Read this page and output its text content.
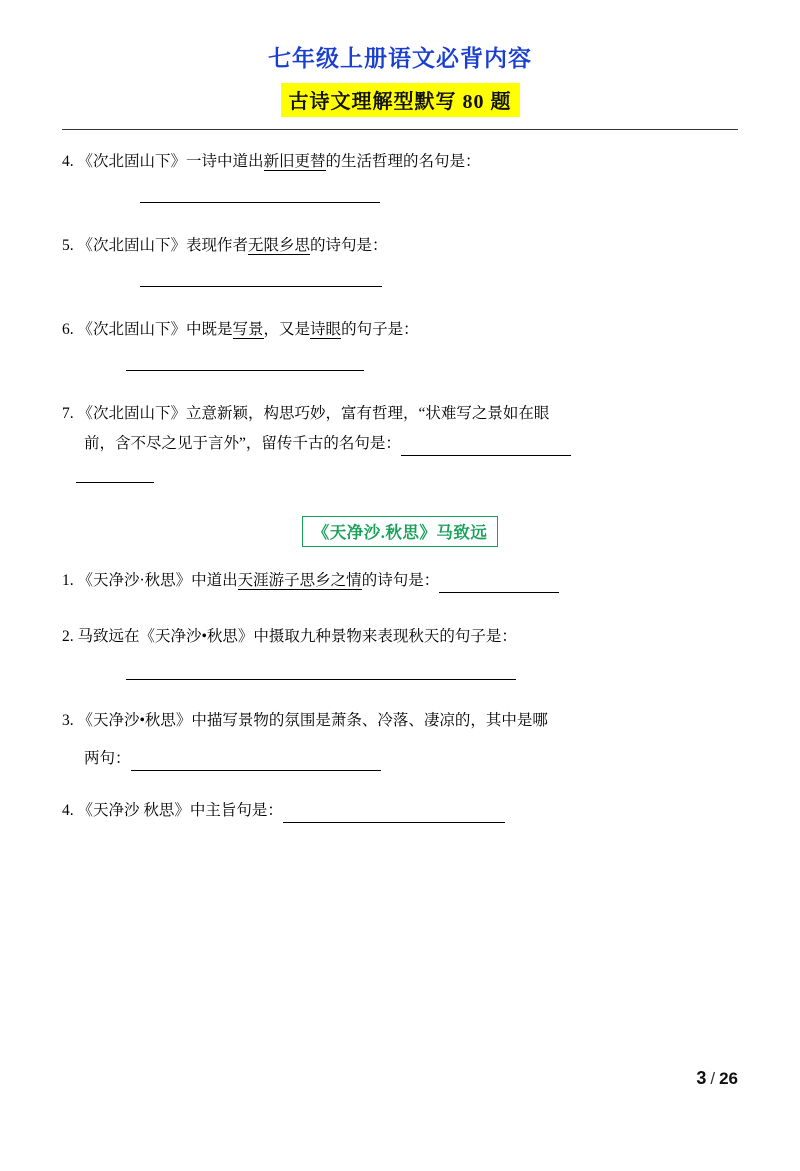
七年级上册语文必背内容
古诗文理解型默写 80 题
4. 《次北固山下》一诗中道出新旧更替的生活哲理的名句是：
5. 《次北固山下》表现作者无限乡思的诗句是：
6. 《次北固山下》中既是写景，又是诗眼的句子是：
7. 《次北固山下》立意新颖，构思巧妙，富有哲理，“状难写之景如在眼
前，含不尽之见于言外”，留传千古的名句是：
《天净沙.秋思》马致远
1. 《天净沙·秋思》中道出天涯游子思乡之情的诗句是：
2. 马致远在《天净沙•秋思》中摄取九种景物来表现秋天的句子是：
3. 《天净沙•秋思》中描写景物的氛围是萧条、冷落、凄凉的，其中是哪
两句：
4. 《天净沙 秋思》中主旨句是：
3 / 26
